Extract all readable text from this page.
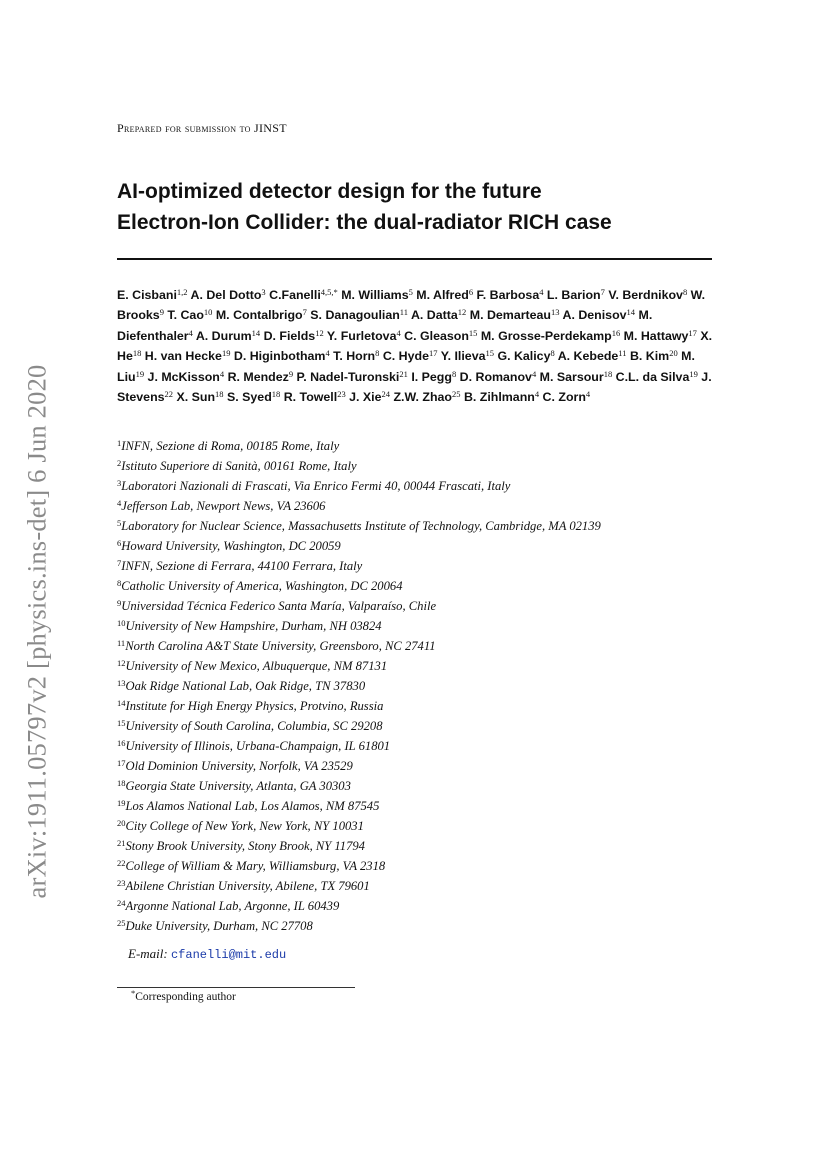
arXiv:1911.05797v2 [physics.ins-det] 6 Jun 2020
Prepared for submission to JINST
AI-optimized detector design for the future
Electron-Ion Collider: the dual-radiator RICH case
E. Cisbani$^{1,2}$ A. Del Dotto$^3$ C.Fanelli$^{4,5,*}$ M. Williams$^5$ M. Alfred$^6$ F. Barbosa$^4$ L. Barion$^7$ V. Berdnikov$^8$ W. Brooks$^9$ T. Cao$^{10}$ M. Contalbrigo$^7$ S. Danagoulian$^{11}$ A. Datta$^{12}$ M. Demarteau$^{13}$ A. Denisov$^{14}$ M. Diefenthaler$^4$ A. Durum$^{14}$ D. Fields$^{12}$ Y. Furletova$^4$ C. Gleason$^{15}$ M. Grosse-Perdekamp$^{16}$ M. Hattawy$^{17}$ X. He$^{18}$ H. van Hecke$^{19}$ D. Higinbotham$^4$ T. Horn$^8$ C. Hyde$^{17}$ Y. Ilieva$^{15}$ G. Kalicy$^8$ A. Kebede$^{11}$ B. Kim$^{20}$ M. Liu$^{19}$ J. McKisson$^4$ R. Mendez$^9$ P. Nadel-Turonski$^{21}$ I. Pegg$^8$ D. Romanov$^4$ M. Sarsour$^{18}$ C.L. da Silva$^{19}$ J. Stevens$^{22}$ X. Sun$^{18}$ S. Syed$^{18}$ R. Towell$^{23}$ J. Xie$^{24}$ Z.W. Zhao$^{25}$ B. Zihlmann$^4$ C. Zorn$^4$
$^1$INFN, Sezione di Roma, 00185 Rome, Italy
$^2$Istituto Superiore di Sanità, 00161 Rome, Italy
$^3$Laboratori Nazionali di Frascati, Via Enrico Fermi 40, 00044 Frascati, Italy
$^4$Jefferson Lab, Newport News, VA 23606
$^5$Laboratory for Nuclear Science, Massachusetts Institute of Technology, Cambridge, MA 02139
$^6$Howard University, Washington, DC 20059
$^7$INFN, Sezione di Ferrara, 44100 Ferrara, Italy
$^8$Catholic University of America, Washington, DC 20064
$^9$Universidad Técnica Federico Santa María, Valparaíso, Chile
$^{10}$University of New Hampshire, Durham, NH 03824
$^{11}$North Carolina A&T State University, Greensboro, NC 27411
$^{12}$University of New Mexico, Albuquerque, NM 87131
$^{13}$Oak Ridge National Lab, Oak Ridge, TN 37830
$^{14}$Institute for High Energy Physics, Protvino, Russia
$^{15}$University of South Carolina, Columbia, SC 29208
$^{16}$University of Illinois, Urbana-Champaign, IL 61801
$^{17}$Old Dominion University, Norfolk, VA 23529
$^{18}$Georgia State University, Atlanta, GA 30303
$^{19}$Los Alamos National Lab, Los Alamos, NM 87545
$^{20}$City College of New York, New York, NY 10031
$^{21}$Stony Brook University, Stony Brook, NY 11794
$^{22}$College of William & Mary, Williamsburg, VA 2318
$^{23}$Abilene Christian University, Abilene, TX 79601
$^{24}$Argonne National Lab, Argonne, IL 60439
$^{25}$Duke University, Durham, NC 27708
E-mail: cfanelli@mit.edu
*Corresponding author
